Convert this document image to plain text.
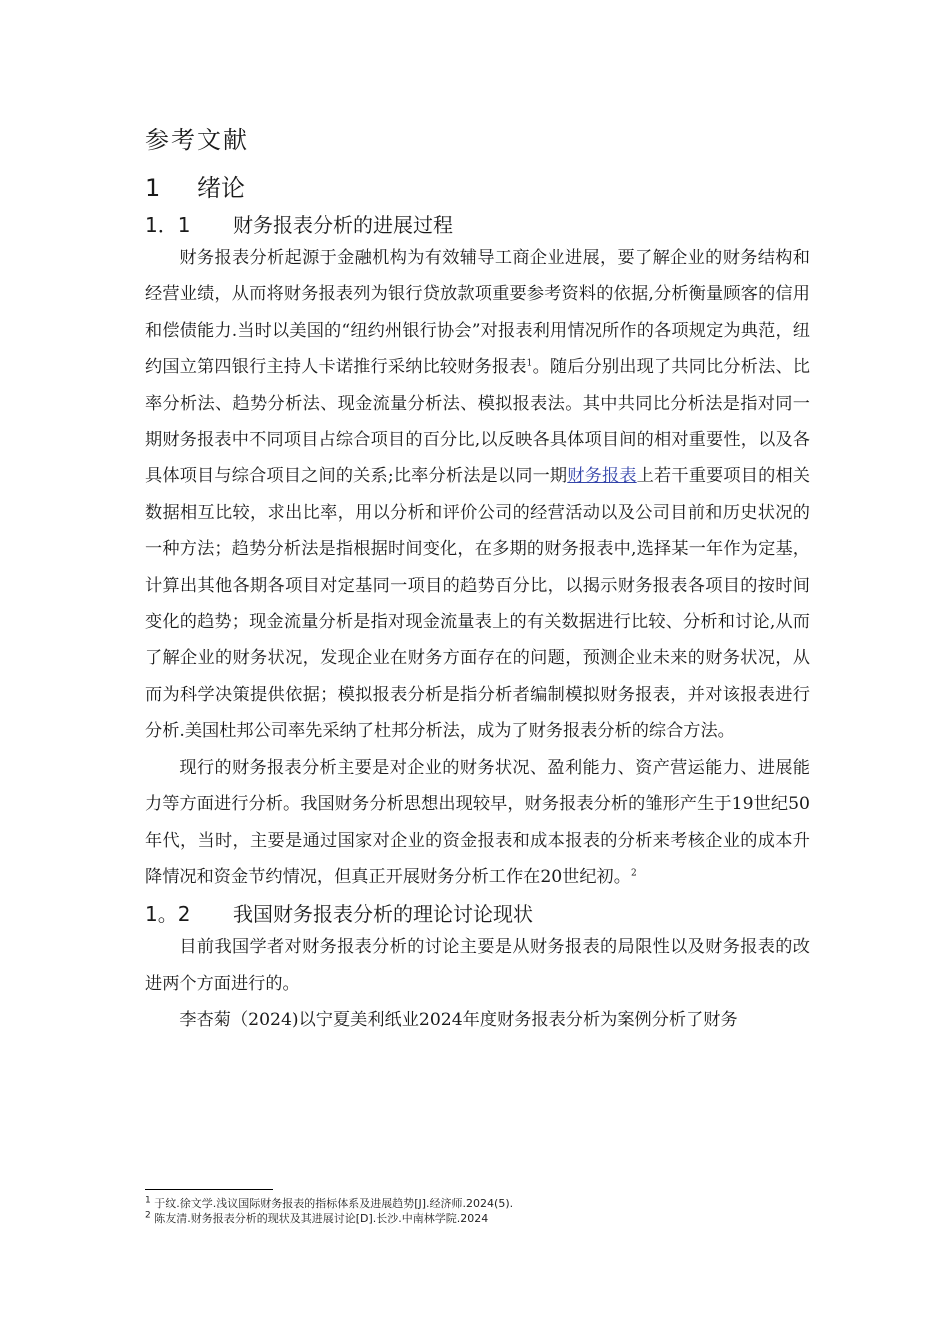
参考文献
1	绪论
1．1	财务报表分析的进展过程

财务报表分析起源于金融机构为有效辅导工商企业进展，要了解企业的财务结构和经营业绩，从而将财务报表列为银行贷放款项重要参考资料的依据,分析衡量顾客的信用和偿债能力.当时以美国的“纽约州银行协会”对报表利用情况所作的各项规定为典范，纽约国立第四银行主持人卡诺推行采纳比较财务报表$^1$。随后分别出现了共同比分析法、比率分析法、趋势分析法、现金流量分析法、模拟报表法。其中共同比分析法是指对同一期财务报表中不同项目占综合项目的百分比,以反映各具体项目间的相对重要性，以及各具体项目与综合项目之间的关系;比率分析法是以同一期财务报表上若干重要项目的相关数据相互比较，求出比率，用以分析和评价公司的经营活动以及公司目前和历史状况的一种方法；趋势分析法是指根据时间变化，在多期的财务报表中,选择某一年作为定基，计算出其他各期各项目对定基同一项目的趋势百分比，以揭示财务报表各项目的按时间变化的趋势；现金流量分析是指对现金流量表上的有关数据进行比较、分析和讨论,从而了解企业的财务状况，发现企业在财务方面存在的问题，预测企业未来的财务状况，从而为科学决策提供依据；模拟报表分析是指分析者编制模拟财务报表，并对该报表进行分析.美国杜邦公司率先采纳了杜邦分析法，成为了财务报表分析的综合方法。

现行的财务报表分析主要是对企业的财务状况、盈利能力、资产营运能力、进展能力等方面进行分析。我国财务分析思想出现较早，财务报表分析的雏形产生于19世纪50年代，当时，主要是通过国家对企业的资金报表和成本报表的分析来考核企业的成本升降情况和资金节约情况，但真正开展财务分析工作在20世纪初。$^2$

1。2	我国财务报表分析的理论讨论现状

目前我国学者对财务报表分析的讨论主要是从财务报表的局限性以及财务报表的改进两个方面进行的。

李杏菊（2024)以宁夏美利纸业2024年度财务报表分析为案例分析了财务

$^1$ 于纹.徐文学.浅议国际财务报表的指标体系及进展趋势[J].经济师.2024(5).
$^2$ 陈友清.财务报表分析的现状及其进展讨论[D].长沙.中南林学院.2024
